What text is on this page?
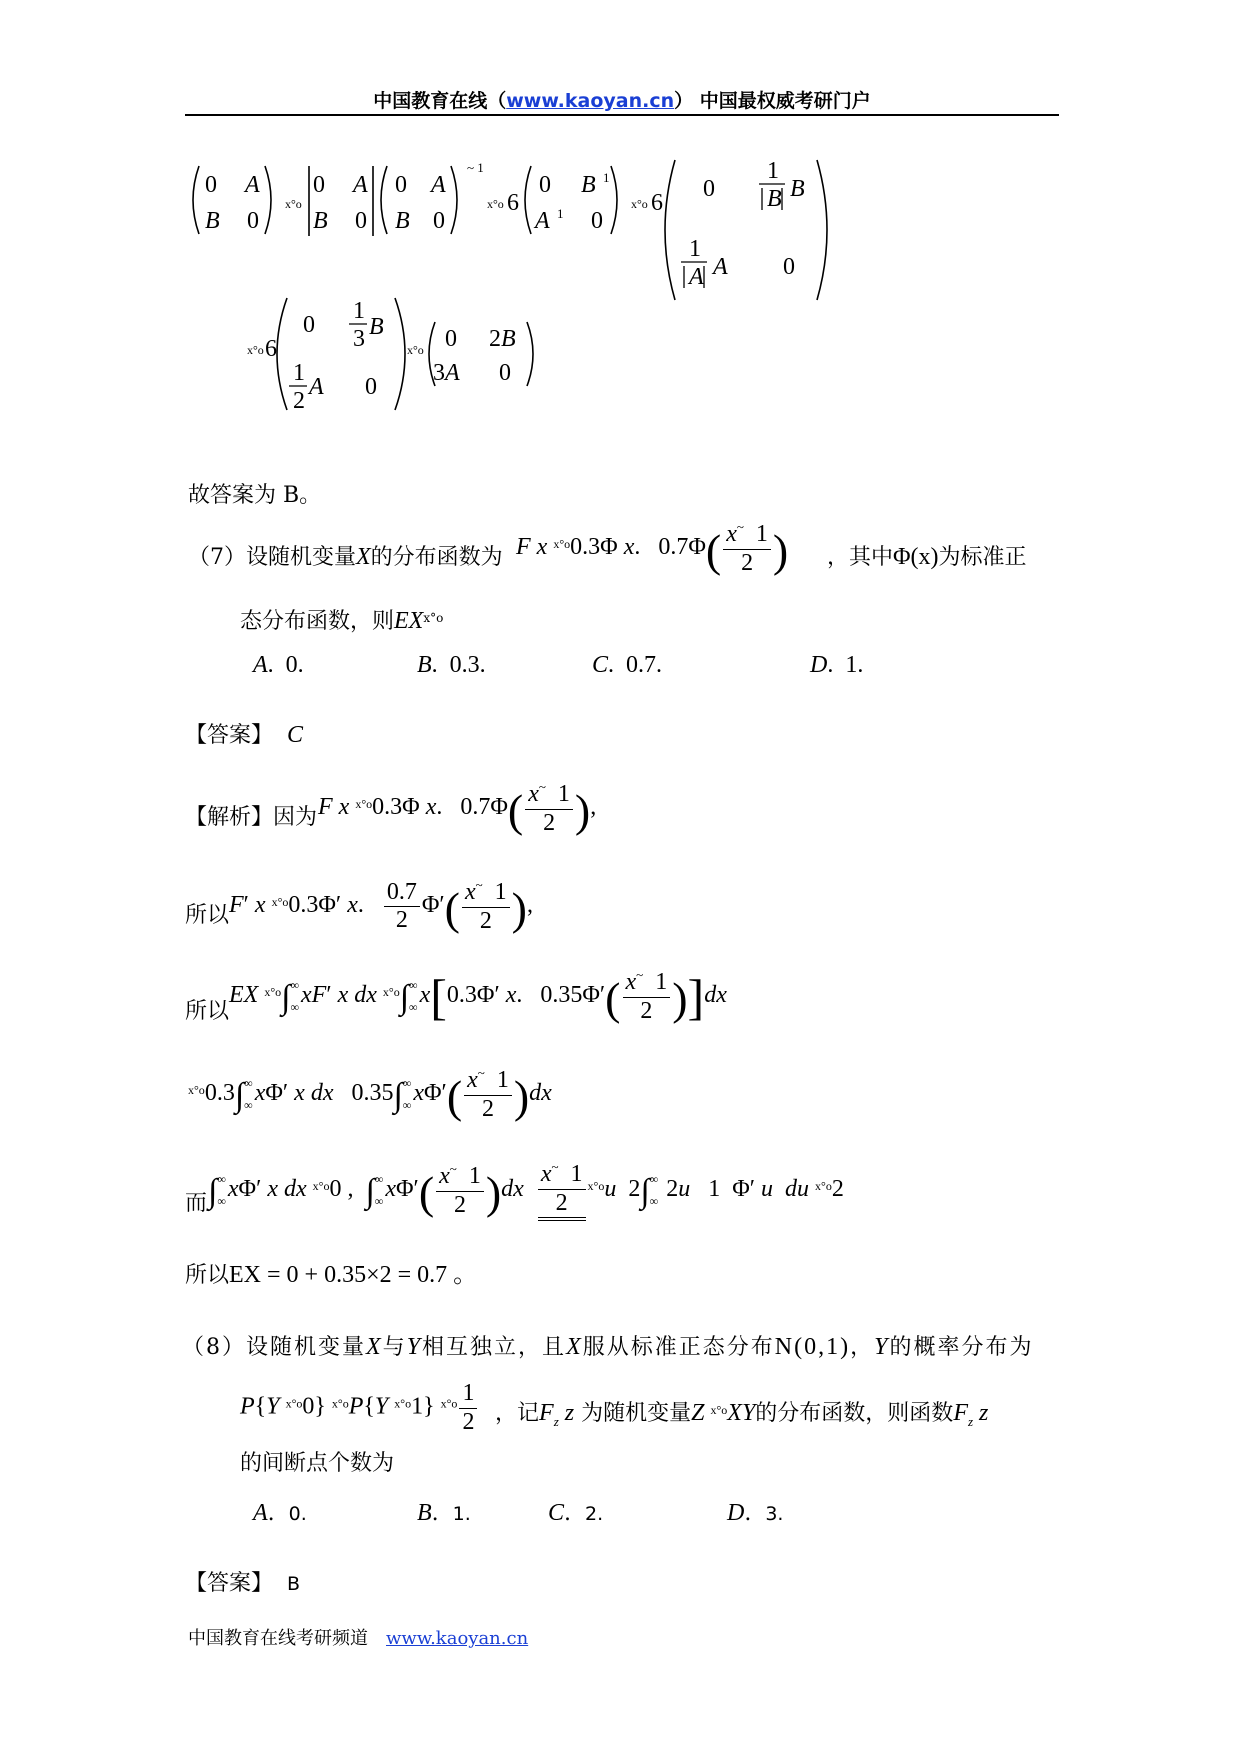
中国教育在线（www.kaoyan.cn） 中国最权威考研门户
0 A
B 0
x°o
0 A
B 0
0 A
B 0
~ 1
x°o 6
0 B 1
A 1 0
x°o 6
0
1
B B
1
A A 0
x°o 6
0
1
3 B
1
2
A 0
x°o 0 2B
3A 0
故答案为 B。
（7）设随机变量X的分布函数为 F x $^{x^\circ o}$0.3Φ x.   $0.7\Phi( \frac{x^\sim 1}{2}$ ) ，其中Φ(x)为标准正
态分布函数，则$EX^{x^\circ o}$
A.  0.	B.  0.3.	C.  0.7.	D.  1.
【答案】 C
【解析】因为 F x $^{x^\circ o}$0.3Φ x.   $0.7\Phi( \frac{x^\sim 1}{2}$ ),
所以 F′ x $^{x^\circ o}$0.3Φ′ x. $\frac{0.7}{2} \Phi'( \frac{x^\sim 1}{2}$ ),
所以
EX $^{x^\circ o}$∫ ∞
∞ xF′ x dx $^{x^\circ o}$∫ ∞
∞ x[0.3Φ′ x.   $0.35\Phi'( \frac{x^\sim 1}{2} )]dx$
$^{x^\circ o}$0.3∫ ∞
∞ xΦ′ x dx   0.35∫ ∞
∞ $x\Phi'( \frac{x^\sim 1}{2} )dx$
而 ∫ ∞
∞ xΦ′ x dx $^{x^\circ o}$0 ,  ∫ ∞
∞ $x\Phi'( \frac{x^\sim 1}{2} )dx \frac{x^\sim 1}{2} ^{x^\circ o}u$  2∫ ∞
∞ 2u   1  Φ′ u du $^{x^\circ o}$2
所以EX = 0 + 0.35×2 = 0.7 。
（8）设随机变量X与Y相互独立，且X服从标准正态分布N(0,1)，Y的概率分布为
P{Y $^{x^\circ o}$0} $^{x^\circ o}$P{Y $^{x^\circ o}$1} $^{x^\circ o} \frac{1}{2}$ ，记$F_z$ z 为随机变量Z $^{x^\circ o}$XY的分布函数，则函数$F_z$ z
的间断点个数为
A.  0.	B.  1.	C.  2.	D.  3.
【答案】 B
中国教育在线考研频道 www.kaoyan.cn
